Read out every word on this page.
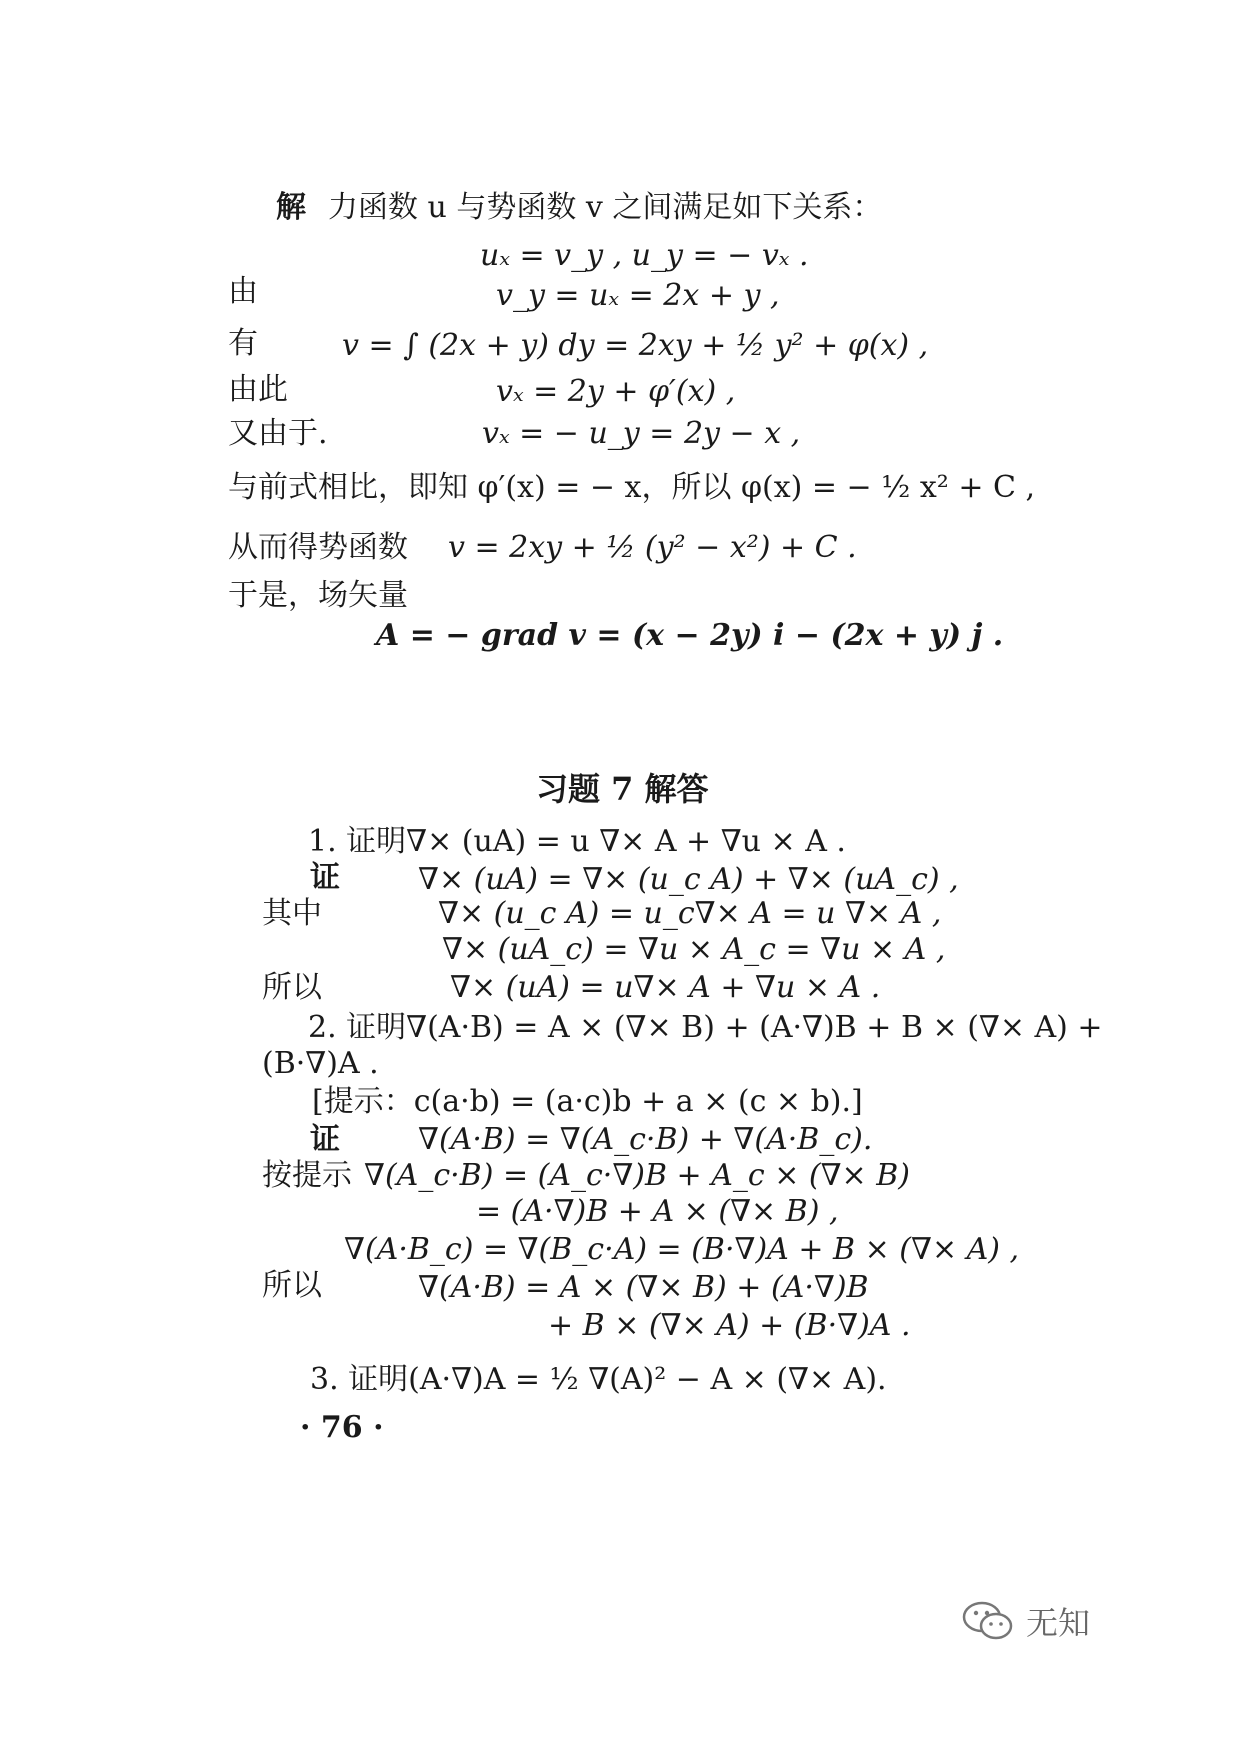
解 力函数 u 与势函数 v 之间满足如下关系：
uₓ = v_y , u_y = − vₓ .
由	v_y = uₓ = 2x + y ,
有	v = ∫ (2x + y) dy = 2xy + ½ y² + φ(x) ,
由此	vₓ = 2y + φ′(x) ,
又由于.	vₓ = − u_y = 2y − x ,
与前式相比，即知 φ′(x) = − x，所以 φ(x) = − ½ x² + C ,
从而得势函数 v = 2xy + ½ (y² − x²) + C .
于是，场矢量
A = − grad v = (x − 2y) i − (2x + y) j .
习题 7 解答
1. 证明∇× (uA) = u ∇× A + ∇u × A .
证	∇× (uA) = ∇× (u_c A) + ∇× (uA_c) ,
其中	∇× (u_c A) = u_c∇× A = u ∇× A ,
∇× (uA_c) = ∇u × A_c = ∇u × A ,
所以	∇× (uA) = u∇× A + ∇u × A .
2. 证明∇(A·B) = A × (∇× B) + (A·∇)B + B × (∇× A) +
(B·∇)A .
[提示：c(a·b) = (a·c)b + a × (c × b).]
证	∇(A·B) = ∇(A_c·B) + ∇(A·B_c).
按提示 ∇(A_c·B) = (A_c·∇)B + A_c × (∇× B)
= (A·∇)B + A × (∇× B) ,
∇(A·B_c) = ∇(B_c·A) = (B·∇)A + B × (∇× A) ,
所以	∇(A·B) = A × (∇× B) + (A·∇)B
+ B × (∇× A) + (B·∇)A .
3. 证明(A·∇)A = ½ ∇(A)² − A × (∇× A).
· 76 ·
无知
